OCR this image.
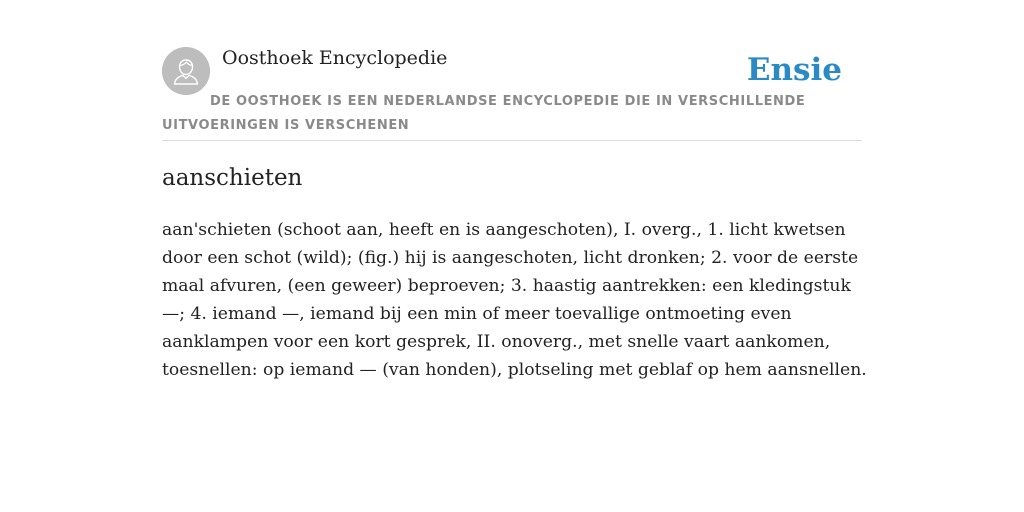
Oosthoek Encyclopedie	Ensie
DE OOSTHOEK IS EEN NEDERLANDSE ENCYCLOPEDIE DIE IN VERSCHILLENDE UITVOERINGEN IS VERSCHENEN
aanschieten

aan'schieten (schoot aan, heeft en is aangeschoten), I. overg., 1. licht kwetsen door een schot (wild); (fig.) hij is aangeschoten, licht dronken; 2. voor de eerste maal afvuren, (een geweer) beproeven; 3. haastig aantrekken: een kledingstuk —; 4. iemand —, iemand bij een min of meer toevallige ontmoeting even aanklampen voor een kort gesprek, II. onoverg., met snelle vaart aankomen, toesnellen: op iemand — (van honden), plotseling met geblaf op hem aansnellen.
